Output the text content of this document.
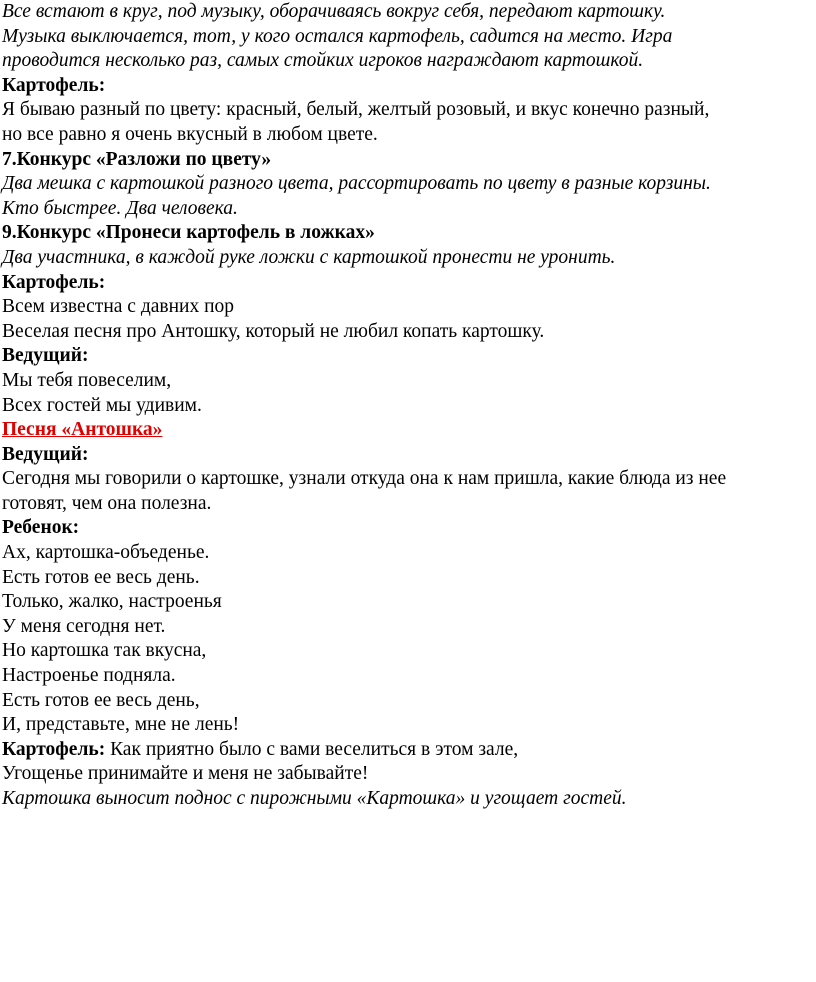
Все встают в круг, под музыку, оборачиваясь вокруг себя, передают картошку.

Музыка выключается, тот, у кого остался картофель, садится на место. Игра

проводится несколько раз, самых стойких игроков награждают картошкой.

Картофель:

Я бываю разный по цвету: красный, белый, желтый розовый, и вкус конечно разный,

но все равно я очень вкусный в любом цвете.

7.Конкурс «Разложи по цвету»

Два мешка с картошкой разного цвета, рассортировать по цвету в разные корзины.

Кто быстрее. Два человека.

9.Конкурс «Пронеси картофель в ложках»

Два участника, в каждой руке ложки с картошкой пронести не уронить.

Картофель:

Всем известна с давних пор

Веселая песня про Антошку, который не любил копать картошку.

Ведущий:

Мы тебя повеселим,

Всех гостей мы удивим.

Песня «Антошка»

Ведущий:

Сегодня мы говорили о картошке, узнали откуда она к нам пришла, какие блюда из нее

готовят, чем она полезна.

Ребенок:

Ах, картошка-объеденье.

Есть готов ее весь день.

Только, жалко, настроенья

У меня сегодня нет.

Но картошка так вкусна,

Настроенье подняла.

Есть готов ее весь день,

И, представьте, мне не лень!

Картофель: Как приятно было с вами веселиться в этом зале,

Угощенье принимайте и меня не забывайте!

Картошка выносит поднос с пирожными «Картошка» и угощает гостей.
